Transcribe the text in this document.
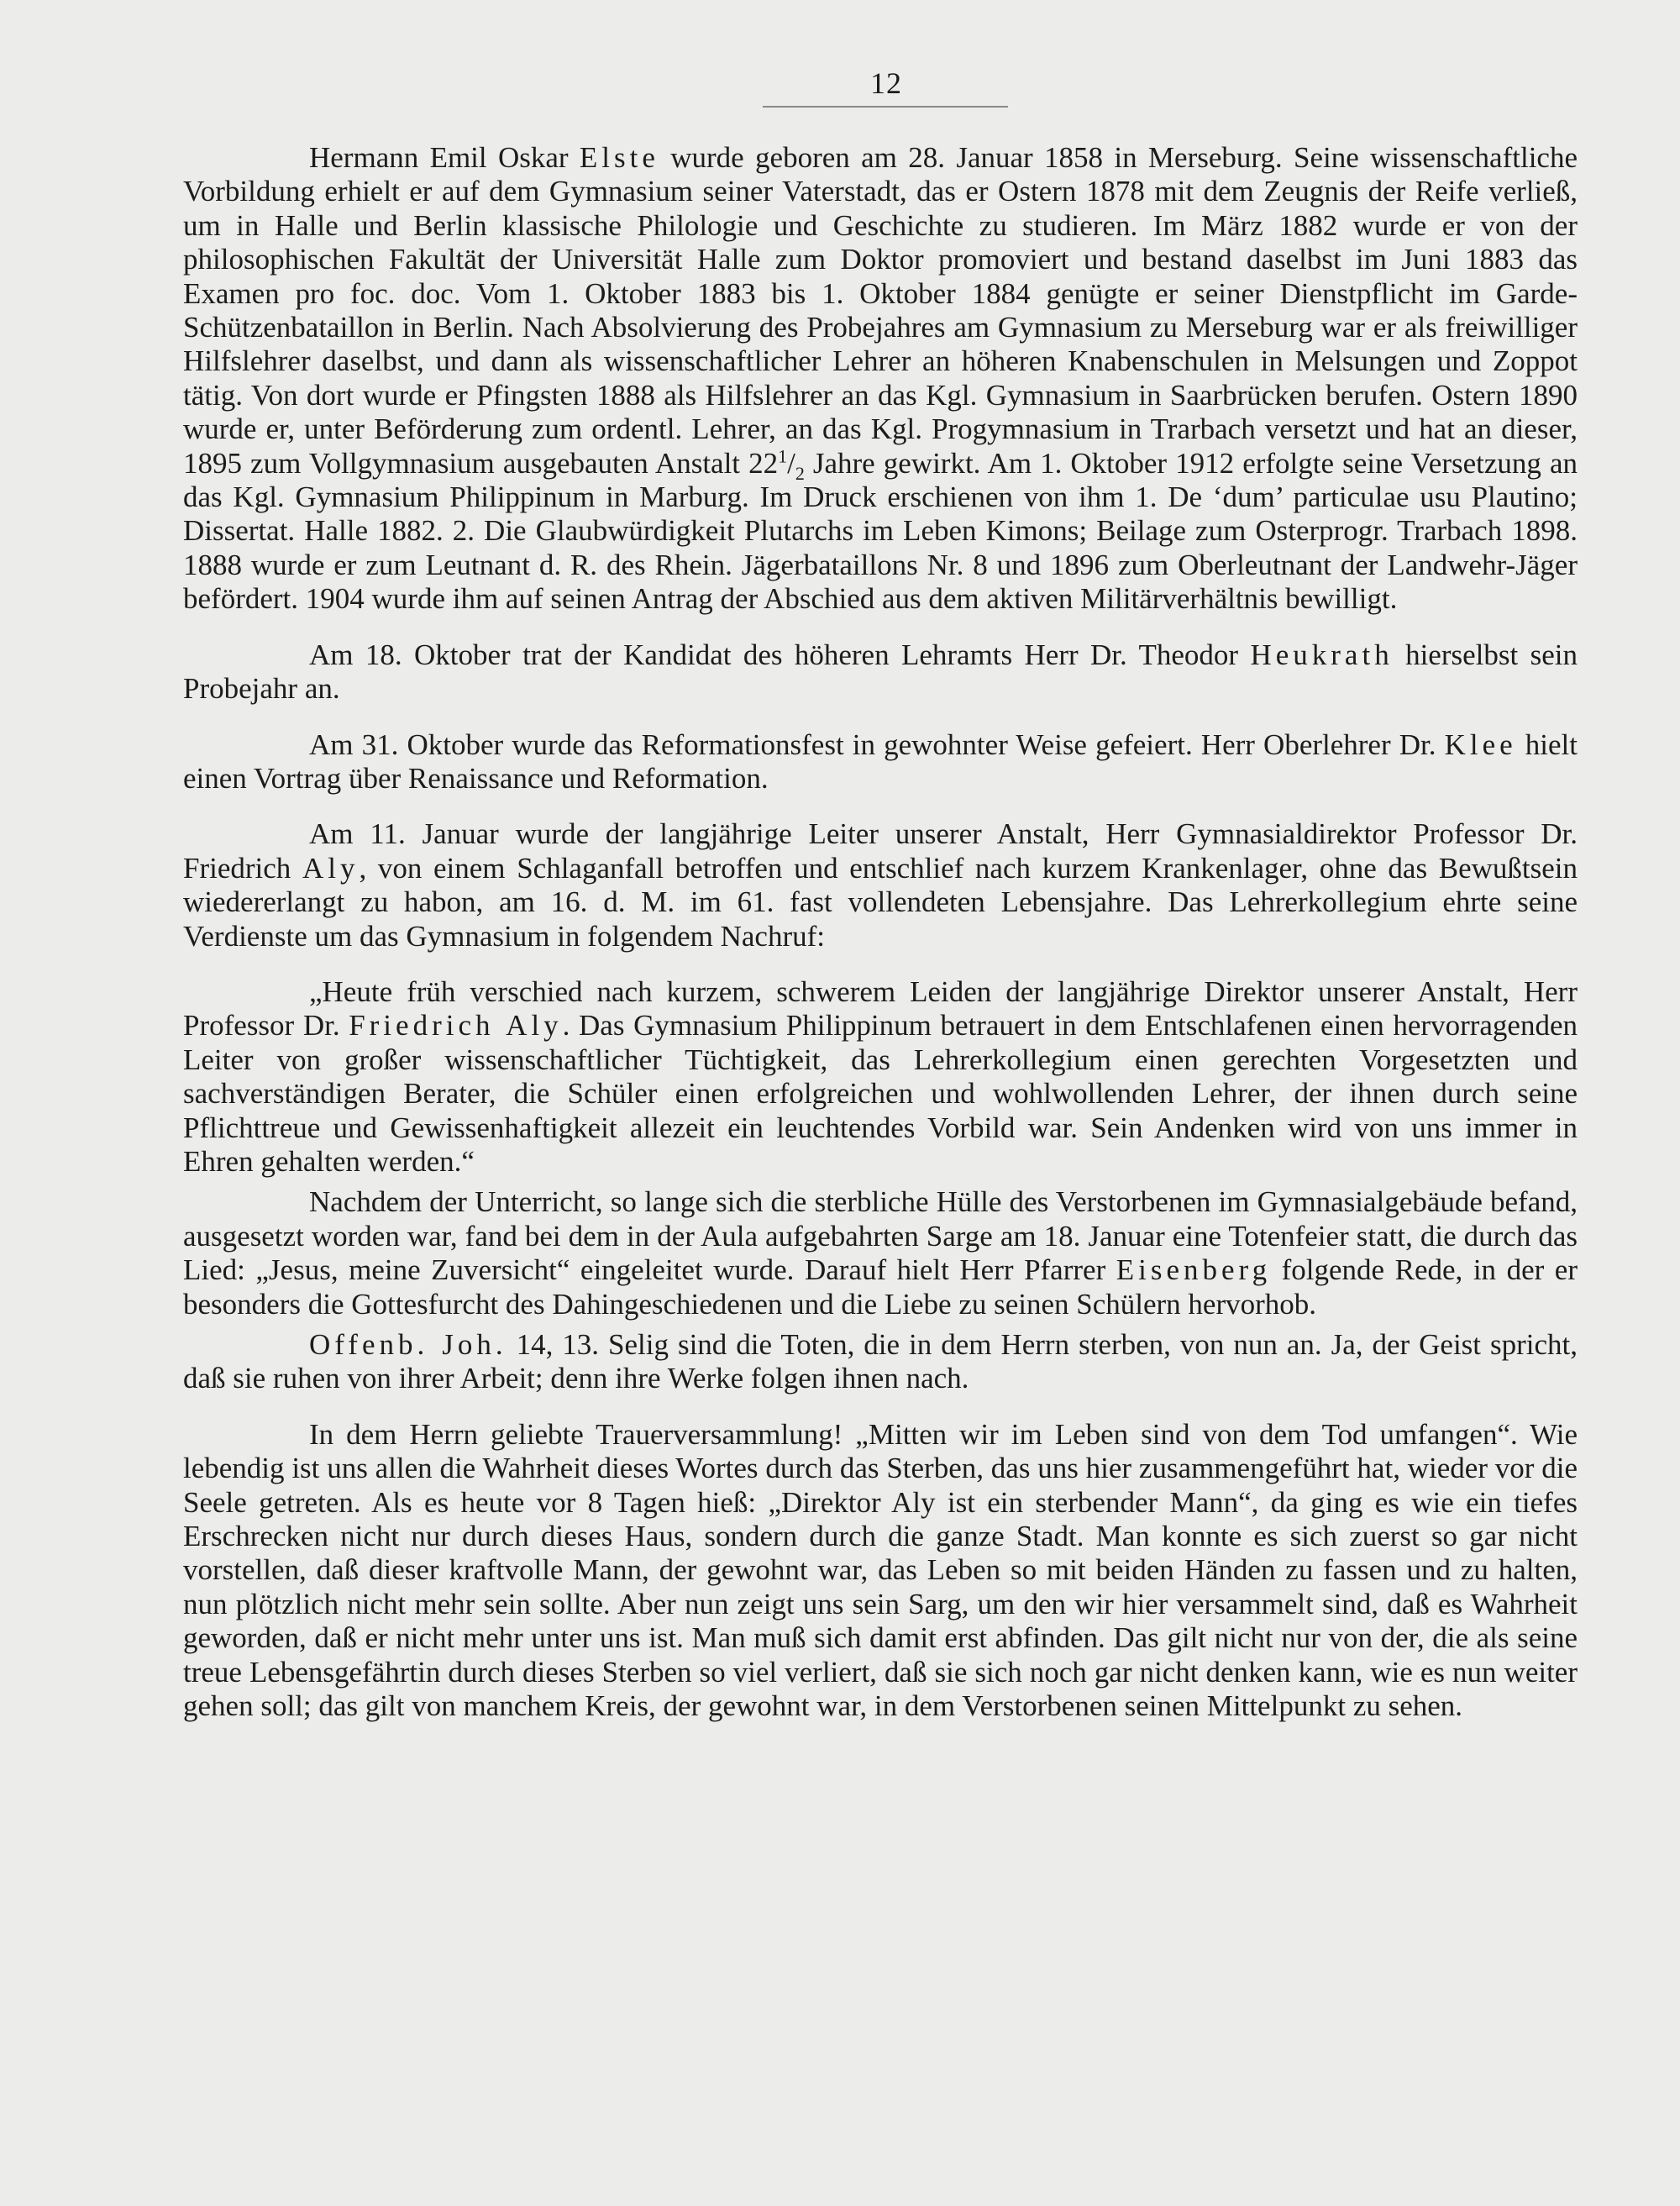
12

Hermann Emil Oskar Elste wurde geboren am 28. Januar 1858 in Merseburg. Seine wissenschaftliche Vorbildung erhielt er auf dem Gymnasium seiner Vaterstadt, das er Ostern 1878 mit dem Zeugnis der Reife verließ, um in Halle und Berlin klassische Philologie und Geschichte zu studieren. Im März 1882 wurde er von der philosophischen Fakultät der Universität Halle zum Doktor promoviert und bestand daselbst im Juni 1883 das Examen pro foc. doc. Vom 1. Oktober 1883 bis 1. Oktober 1884 genügte er seiner Dienstpflicht im Garde-Schützenbataillon in Berlin. Nach Absolvierung des Probejahres am Gymnasium zu Merseburg war er als freiwilliger Hilfslehrer daselbst, und dann als wissenschaftlicher Lehrer an höheren Knabenschulen in Melsungen und Zoppot tätig. Von dort wurde er Pfingsten 1888 als Hilfslehrer an das Kgl. Gymnasium in Saarbrücken berufen. Ostern 1890 wurde er, unter Beförderung zum ordentl. Lehrer, an das Kgl. Progymnasium in Trarbach versetzt und hat an dieser, 1895 zum Vollgymnasium ausgebauten Anstalt $22^1/_2$ Jahre gewirkt. Am 1. Oktober 1912 erfolgte seine Versetzung an das Kgl. Gymnasium Philippinum in Marburg. Im Druck erschienen von ihm 1. De ‘dum’ particulae usu Plautino; Dissertat. Halle 1882. 2. Die Glaubwürdigkeit Plutarchs im Leben Kimons; Beilage zum Osterprogr. Trarbach 1898. 1888 wurde er zum Leutnant d. R. des Rhein. Jägerbataillons Nr. 8 und 1896 zum Oberleutnant der Landwehr-Jäger befördert. 1904 wurde ihm auf seinen Antrag der Abschied aus dem aktiven Militärverhältnis bewilligt.

Am 18. Oktober trat der Kandidat des höheren Lehramts Herr Dr. Theodor Heukrath hierselbst sein Probejahr an.

Am 31. Oktober wurde das Reformationsfest in gewohnter Weise gefeiert. Herr Oberlehrer Dr. Klee hielt einen Vortrag über Renaissance und Reformation.

Am 11. Januar wurde der langjährige Leiter unserer Anstalt, Herr Gymnasialdirektor Professor Dr. Friedrich Aly, von einem Schlaganfall betroffen und entschlief nach kurzem Krankenlager, ohne das Bewußtsein wiedererlangt zu habon, am 16. d. M. im 61. fast vollendeten Lebensjahre. Das Lehrerkollegium ehrte seine Verdienste um das Gymnasium in folgendem Nachruf:

„Heute früh verschied nach kurzem, schwerem Leiden der langjährige Direktor unserer Anstalt, Herr Professor Dr. Friedrich Aly. Das Gymnasium Philippinum betrauert in dem Entschlafenen einen hervorragenden Leiter von großer wissenschaftlicher Tüchtigkeit, das Lehrerkollegium einen gerechten Vorgesetzten und sachverständigen Berater, die Schüler einen erfolgreichen und wohlwollenden Lehrer, der ihnen durch seine Pflichttreue und Gewissenhaftigkeit allezeit ein leuchtendes Vorbild war. Sein Andenken wird von uns immer in Ehren gehalten werden.“

Nachdem der Unterricht, so lange sich die sterbliche Hülle des Verstorbenen im Gymnasialgebäude befand, ausgesetzt worden war, fand bei dem in der Aula aufgebahrten Sarge am 18. Januar eine Totenfeier statt, die durch das Lied: „Jesus, meine Zuversicht“ eingeleitet wurde. Darauf hielt Herr Pfarrer Eisenberg folgende Rede, in der er besonders die Gottesfurcht des Dahingeschiedenen und die Liebe zu seinen Schülern hervorhob.

Offenb. Joh. 14, 13. Selig sind die Toten, die in dem Herrn sterben, von nun an. Ja, der Geist spricht, daß sie ruhen von ihrer Arbeit; denn ihre Werke folgen ihnen nach.

In dem Herrn geliebte Trauerversammlung! „Mitten wir im Leben sind von dem Tod umfangen“. Wie lebendig ist uns allen die Wahrheit dieses Wortes durch das Sterben, das uns hier zusammengeführt hat, wieder vor die Seele getreten. Als es heute vor 8 Tagen hieß: „Direktor Aly ist ein sterbender Mann“, da ging es wie ein tiefes Erschrecken nicht nur durch dieses Haus, sondern durch die ganze Stadt. Man konnte es sich zuerst so gar nicht vorstellen, daß dieser kraftvolle Mann, der gewohnt war, das Leben so mit beiden Händen zu fassen und zu halten, nun plötzlich nicht mehr sein sollte. Aber nun zeigt uns sein Sarg, um den wir hier versammelt sind, daß es Wahrheit geworden, daß er nicht mehr unter uns ist. Man muß sich damit erst abfinden. Das gilt nicht nur von der, die als seine treue Lebensgefährtin durch dieses Sterben so viel verliert, daß sie sich noch gar nicht denken kann, wie es nun weiter gehen soll; das gilt von manchem Kreis, der gewohnt war, in dem Verstorbenen seinen Mittelpunkt zu sehen.
